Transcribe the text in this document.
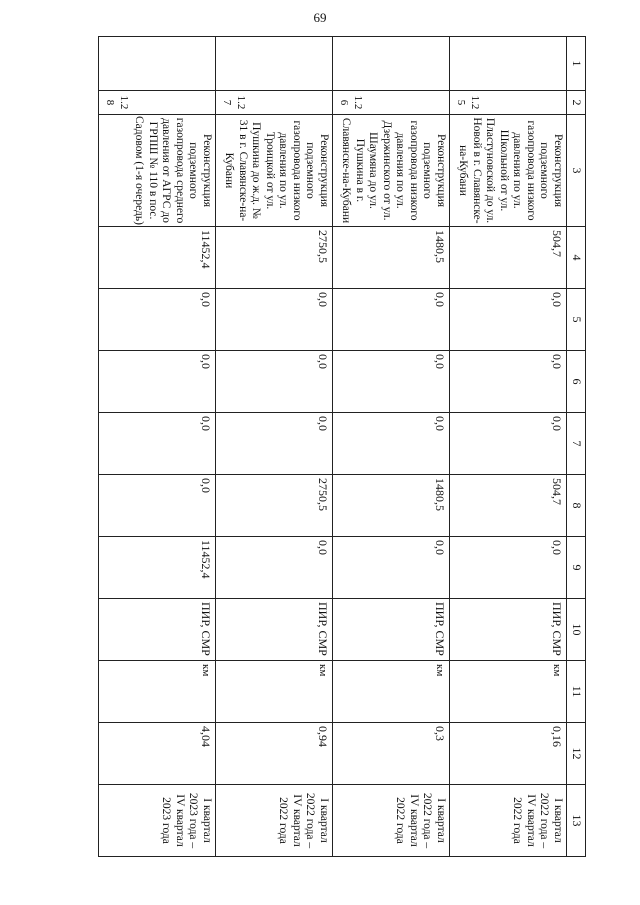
69
1	2	3	4	5	6	7	8	9	10	11	12	13
	1.25	Реконструкция подземного газопровода низкого давления по ул. Школьной от ул. Пластуновской до ул. Новой в г. Славянске-на-Кубани	504,7	0,0	0,0	0,0	504,7	0,0	ПИР, СМР	км	0,16	I квартал 2022 года – IV квартал 2022 года
	1.26	Реконструкция подземного газопровода низкого давления по ул. Дзержинского от ул. Шаумяна до ул. Пушкина в г. Славянске-на-Кубани	1480,5	0,0	0,0	0,0	1480,5	0,0	ПИР, СМР	км	0,3	I квартал 2022 года – IV квартал 2022 года
	1.27	Реконструкция подземного газопровода низкого давления по ул. Троицкой от ул. Пушкина до ж.д. № 31 в г. Славянске-на-Кубани	2750,5	0,0	0,0	0,0	2750,5	0,0	ПИР, СМР	км	0,94	I квартал 2022 года – IV квартал 2022 года
	1.28	Реконструкция подземного газопровода среднего давления от АГРС до ГРПШ № 110 в пос. Садовом (1-я очередь)	11452,4	0,0	0,0	0,0	0,0	11452,4	ПИР, СМР	км	4,04	I квартал 2023 года – IV квартал 2023 года
